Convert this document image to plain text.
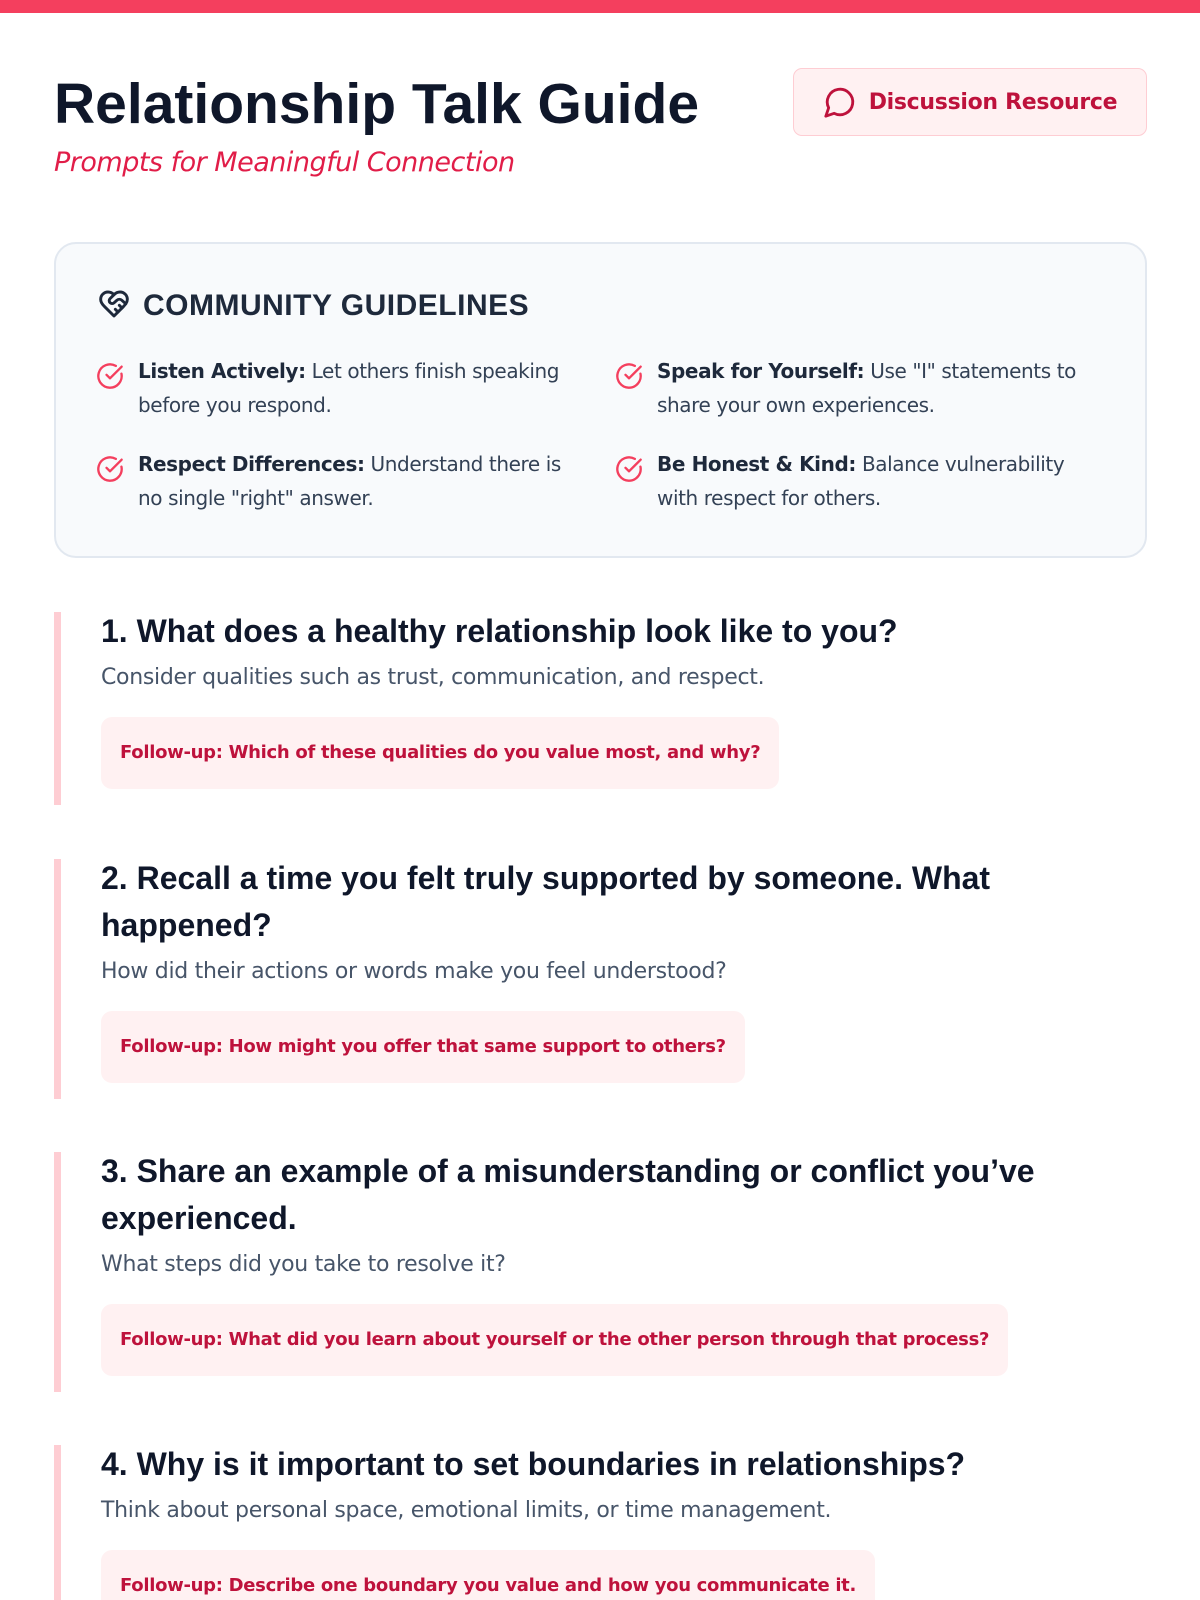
Relationship Talk Guide
Prompts for Meaningful Connection
Discussion Resource
COMMUNITY GUIDELINES

Listen Actively: Let others finish speaking before you respond.

Speak for Yourself: Use "I" statements to share your own experiences.

Respect Differences: Understand there is no single "right" answer.

Be Honest & Kind: Balance vulnerability with respect for others.

1. What does a healthy relationship look like to you?

Consider qualities such as trust, communication, and respect.

Follow-up: Which of these qualities do you value most, and why?
2. Recall a time you felt truly supported by someone. What happened?

How did their actions or words make you feel understood?

Follow-up: How might you offer that same support to others?
3. Share an example of a misunderstanding or conflict you’ve experienced.

What steps did you take to resolve it?

Follow-up: What did you learn about yourself or the other person through that process?
4. Why is it important to set boundaries in relationships?

Think about personal space, emotional limits, or time management.

Follow-up: Describe one boundary you value and how you communicate it.
